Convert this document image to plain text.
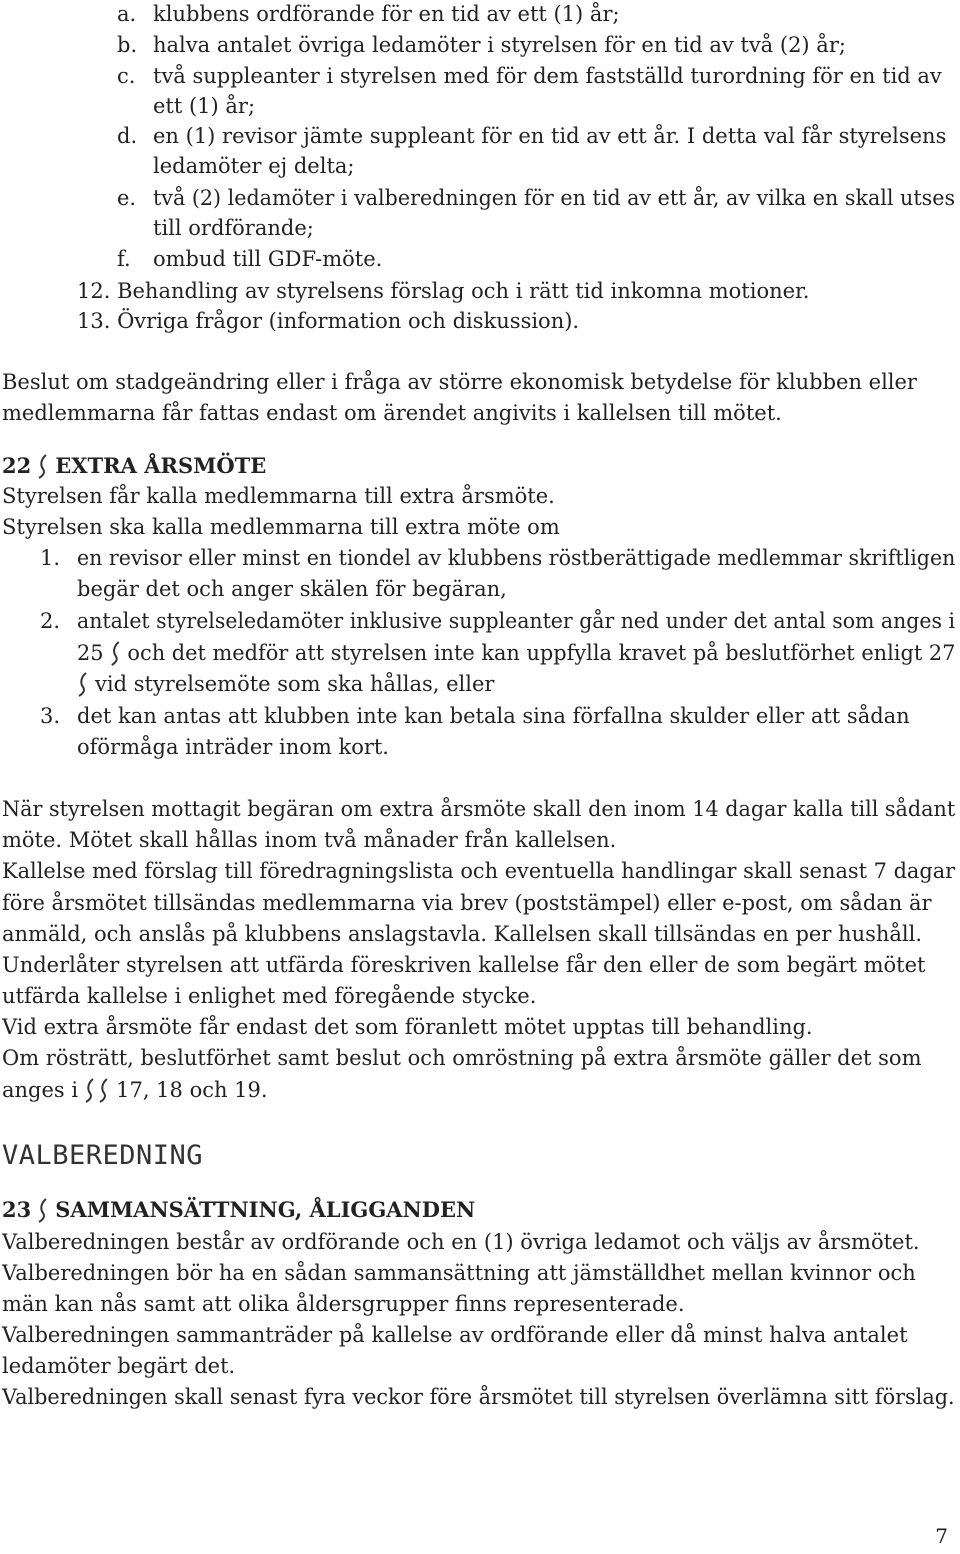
a. klubbens ordförande för en tid av ett (1) år;
b. halva antalet övriga ledamöter i styrelsen för en tid av två (2) år;
c. två suppleanter i styrelsen med för dem fastställd turordning för en tid av
ett (1) år;
d. en (1) revisor jämte suppleant för en tid av ett år. I detta val får styrelsens
ledamöter ej delta;
e. två (2) ledamöter i valberedningen för en tid av ett år, av vilka en skall utses
till ordförande;
f. ombud till GDF-möte.
12. Behandling av styrelsens förslag och i rätt tid inkomna motioner.
13. Övriga frågor (information och diskussion).
Beslut om stadgeändring eller i fråga av större ekonomisk betydelse för klubben eller
medlemmarna får fattas endast om ärendet angivits i kallelsen till mötet.
22 EXTRA ÅRSMÖTE
Styrelsen får kalla medlemmarna till extra årsmöte.
Styrelsen ska kalla medlemmarna till extra möte om
1. en revisor eller minst en tiondel av klubbens röstberättigade medlemmar skriftligen
begär det och anger skälen för begäran,
2. antalet styrelseledamöter inklusive suppleanter går ned under det antal som anges i
25 och det medför att styrelsen inte kan uppfylla kravet på beslutförhet enligt 27
vid styrelsemöte som ska hållas, eller
3. det kan antas att klubben inte kan betala sina förfallna skulder eller att sådan
oförmåga inträder inom kort.
När styrelsen mottagit begäran om extra årsmöte skall den inom 14 dagar kalla till sådant
möte. Mötet skall hållas inom två månader från kallelsen.
Kallelse med förslag till föredragningslista och eventuella handlingar skall senast 7 dagar
före årsmötet tillsändas medlemmarna via brev (poststämpel) eller e-post, om sådan är
anmäld, och anslås på klubbens anslagstavla. Kallelsen skall tillsändas en per hushåll.
Underlåter styrelsen att utfärda föreskriven kallelse får den eller de som begärt mötet
utfärda kallelse i enlighet med föregående stycke.
Vid extra årsmöte får endast det som föranlett mötet upptas till behandling.
Om rösträtt, beslutförhet samt beslut och omröstning på extra årsmöte gäller det som
anges i 17, 18 och 19.
VALBEREDNING
23 SAMMANSÄTTNING, ÅLIGGANDEN
Valberedningen består av ordförande och en (1) övriga ledamot och väljs av årsmötet.
Valberedningen bör ha en sådan sammansättning att jämställdhet mellan kvinnor och
män kan nås samt att olika åldersgrupper finns representerade.
Valberedningen sammanträder på kallelse av ordförande eller då minst halva antalet
ledamöter begärt det.
Valberedningen skall senast fyra veckor före årsmötet till styrelsen överlämna sitt förslag.
7
